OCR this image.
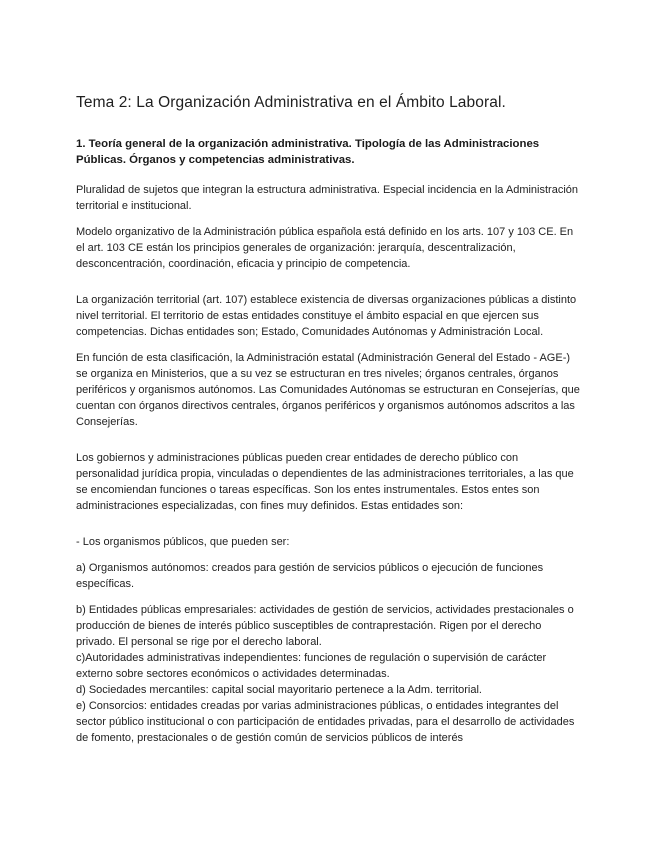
Tema 2: La Organización Administrativa en el Ámbito Laboral.

1. Teoría general de la organización administrativa. Tipología de las Administraciones Públicas. Órganos y competencias administrativas.

Pluralidad de sujetos que integran la estructura administrativa. Especial incidencia en la Administración territorial e institucional.

Modelo organizativo de la Administración pública española está definido en los arts. 107 y 103 CE. En el art. 103 CE están los principios generales de organización: jerarquía, descentralización, desconcentración, coordinación, eficacia y principio de competencia.

La organización territorial (art. 107) establece existencia de diversas organizaciones públicas a distinto nivel territorial. El territorio de estas entidades constituye el ámbito espacial en que ejercen sus competencias. Dichas entidades son; Estado, Comunidades Autónomas y Administración Local.

En función de esta clasificación, la Administración estatal (Administración General del Estado - AGE-) se organiza en Ministerios, que a su vez se estructuran en tres niveles; órganos centrales, órganos periféricos y organismos autónomos. Las Comunidades Autónomas se estructuran en Consejerías, que cuentan con órganos directivos centrales, órganos periféricos y organismos autónomos adscritos a las Consejerías.

Los gobiernos y administraciones públicas pueden crear entidades de derecho público con personalidad jurídica propia, vinculadas o dependientes de las administraciones territoriales, a las que se encomiendan funciones o tareas específicas. Son los entes instrumentales. Estos entes son administraciones especializadas, con fines muy definidos. Estas entidades son:

- Los organismos públicos, que pueden ser:

a) Organismos autónomos: creados para gestión de servicios públicos o ejecución de funciones específicas.

b) Entidades públicas empresariales: actividades de gestión de servicios, actividades prestacionales o producción de bienes de interés público susceptibles de contraprestación. Rigen por el derecho privado. El personal se rige por el derecho laboral.

c)Autoridades administrativas independientes: funciones de regulación o supervisión de carácter externo sobre sectores económicos o actividades determinadas.

d) Sociedades mercantiles: capital social mayoritario pertenece a la Adm. territorial.

e) Consorcios: entidades creadas por varias administraciones públicas, o entidades integrantes del sector público institucional o con participación de entidades privadas, para el desarrollo de actividades de fomento, prestacionales o de gestión común de servicios públicos de interés
